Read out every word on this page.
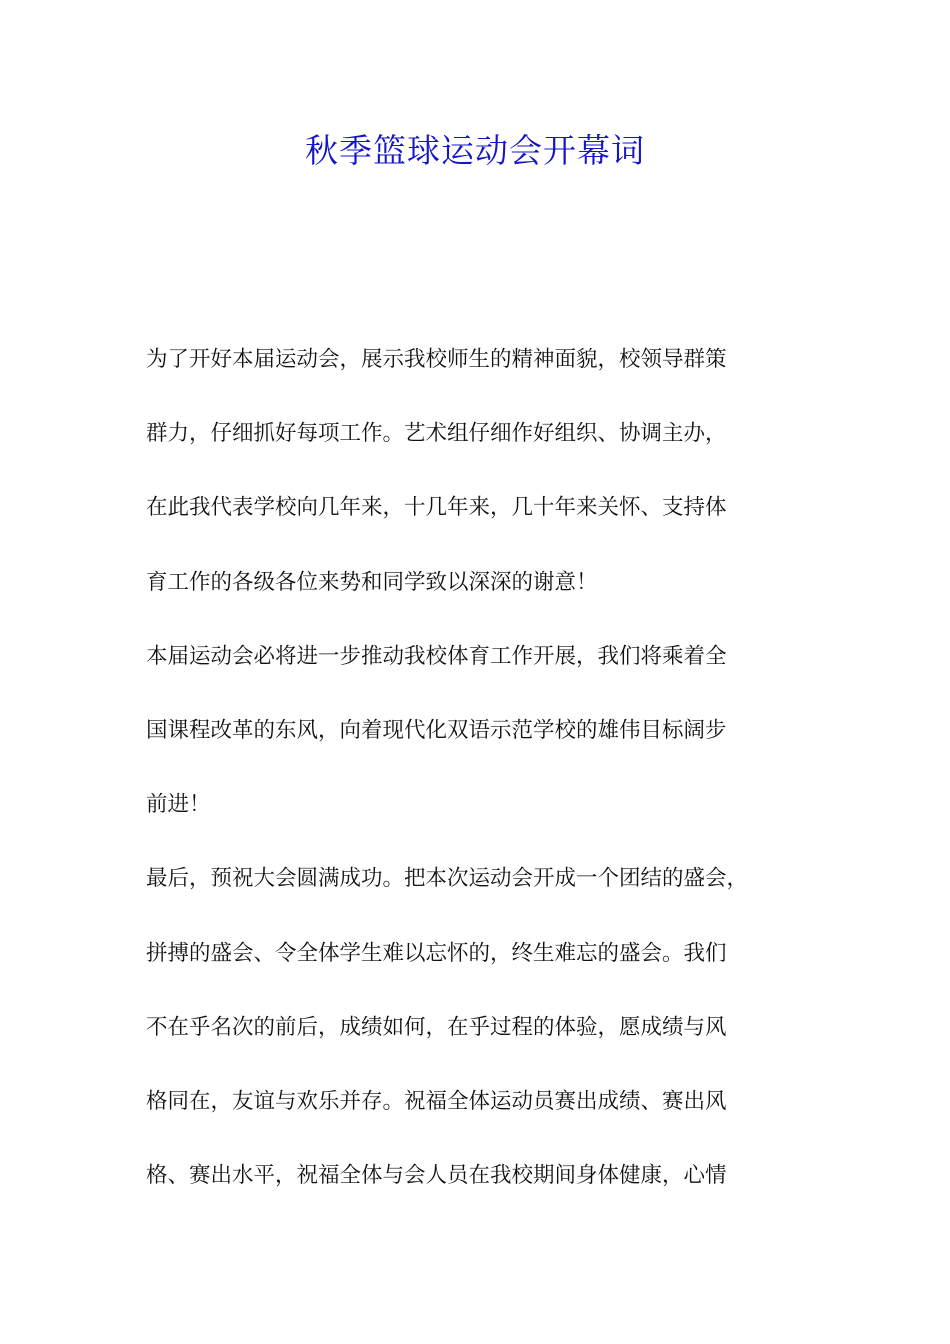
秋季篮球运动会开幕词
为了开好本届运动会，展示我校师生的精神面貌，校领导群策
群力，仔细抓好每项工作。艺术组仔细作好组织、协调主办，
在此我代表学校向几年来，十几年来，几十年来关怀、支持体
育工作的各级各位来势和同学致以深深的谢意！
本届运动会必将进一步推动我校体育工作开展，我们将乘着全
国课程改革的东风，向着现代化双语示范学校的雄伟目标阔步
前进！
最后，预祝大会圆满成功。把本次运动会开成一个团结的盛会，
拼搏的盛会、令全体学生难以忘怀的，终生难忘的盛会。我们
不在乎名次的前后，成绩如何，在乎过程的体验，愿成绩与风
格同在，友谊与欢乐并存。祝福全体运动员赛出成绩、赛出风
格、赛出水平，祝福全体与会人员在我校期间身体健康，心情
